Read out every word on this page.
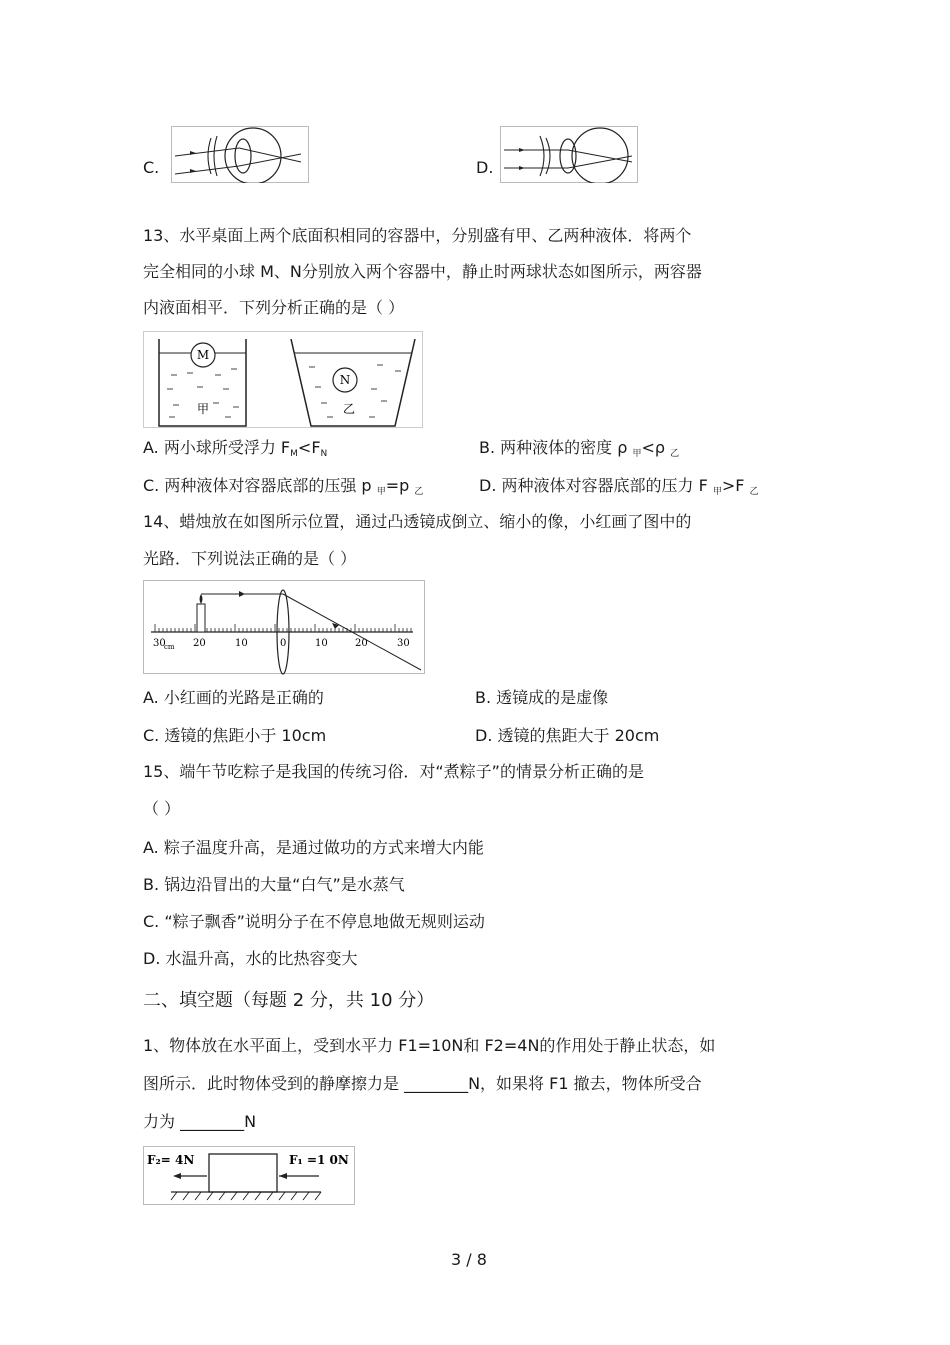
C.	D.
13、水平桌面上两个底面积相同的容器中，分别盛有甲、乙两种液体．将两个
完全相同的小球 M、N分别放入两个容器中，静止时两球状态如图所示，两容器
内液面相平．下列分析正确的是（ ）
M
甲
N
乙
A. 两小球所受浮力 $F_M<F_N$	B. 两种液体的密度 ρ $_甲$<ρ $_乙$
C. 两种液体对容器底部的压强 p $_甲$=p $_乙$	D. 两种液体对容器底部的压力 F $_甲$>F $_乙$
14、蜡烛放在如图所示位置，通过凸透镜成倒立、缩小的像，小红画了图中的
光路．下列说法正确的是（ ）
30
cm 20	10	0	10	20	30
A. 小红画的光路是正确的	B. 透镜成的是虚像
C. 透镜的焦距小于 10cm	D. 透镜的焦距大于 20cm
15、端午节吃粽子是我国的传统习俗．对“煮粽子”的情景分析正确的是
（ ）
A. 粽子温度升高，是通过做功的方式来增大内能
B. 锅边沿冒出的大量“白气”是水蒸气
C. “粽子飘香”说明分子在不停息地做无规则运动
D. 水温升高，水的比热容变大
二、填空题（每题 2 分，共 10 分）
1、物体放在水平面上，受到水平力 F1=10N和 F2=4N的作用处于静止状态，如
图所示．此时物体受到的静摩擦力是 ________N，如果将 F1 撤去，物体所受合
力为 ________N
F₂= 4N	F₁ =1 0N
3 / 8
